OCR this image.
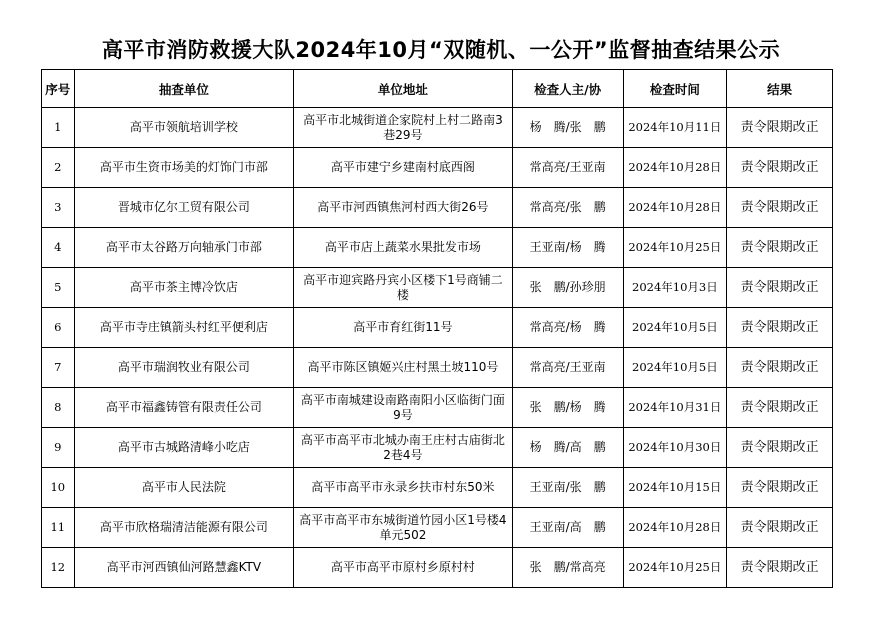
高平市消防救援大队2024年10月“双随机、一公开”监督抽查结果公示
序号	抽查单位	单位地址	检查人主/协	检查时间	结果
1	高平市领航培训学校	高平市北城街道企家院村上村二路南3巷29号	杨　腾/张　鹏	2024年10月11日	责令限期改正
2	高平市生资市场美的灯饰门市部	高平市建宁乡建南村底西阁	常高亮/王亚南	2024年10月28日	责令限期改正
3	晋城市亿尔工贸有限公司	高平市河西镇焦河村西大街26号	常高亮/张　鹏	2024年10月28日	责令限期改正
4	高平市太谷路万向轴承门市部	高平市店上蔬菜水果批发市场	王亚南/杨　腾	2024年10月25日	责令限期改正
5	高平市茶主博冷饮店	高平市迎宾路丹宾小区楼下1号商铺二楼	张　鹏/孙珍朋	2024年10月3日	责令限期改正
6	高平市寺庄镇箭头村红平便利店	高平市育红街11号	常高亮/杨　腾	2024年10月5日	责令限期改正
7	高平市瑞润牧业有限公司	高平市陈区镇姬兴庄村黑土坡110号	常高亮/王亚南	2024年10月5日	责令限期改正
8	高平市福鑫铸管有限责任公司	高平市南城建设南路南阳小区临街门面9号	张　鹏/杨　腾	2024年10月31日	责令限期改正
9	高平市古城路清峰小吃店	高平市高平市北城办南王庄村古庙街北2巷4号	杨　腾/高　鹏	2024年10月30日	责令限期改正
10	高平市人民法院	高平市高平市永录乡扶市村东50米	王亚南/张　鹏	2024年10月15日	责令限期改正
11	高平市欣格瑞清洁能源有限公司	高平市高平市东城街道竹园小区1号楼4单元502	王亚南/高　鹏	2024年10月28日	责令限期改正
12	高平市河西镇仙河路慧鑫KTV	高平市高平市原村乡原村村	张　鹏/常高亮	2024年10月25日	责令限期改正
